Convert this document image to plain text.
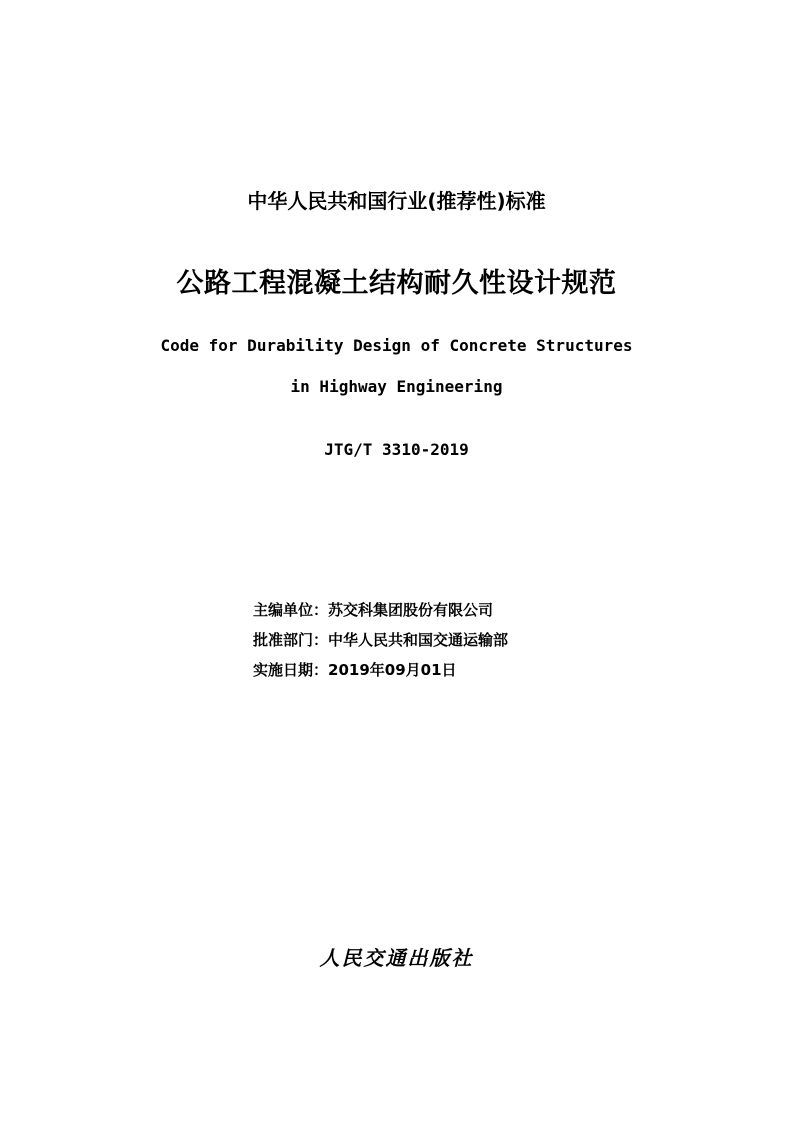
中华人民共和国行业(推荐性)标准
公路工程混凝土结构耐久性设计规范
Code for Durability Design of Concrete Structures
in Highway Engineering
JTG/T 3310-2019
主编单位：苏交科集团股份有限公司
批准部门：中华人民共和国交通运输部
实施日期：2019年09月01日
人民交通出版社
